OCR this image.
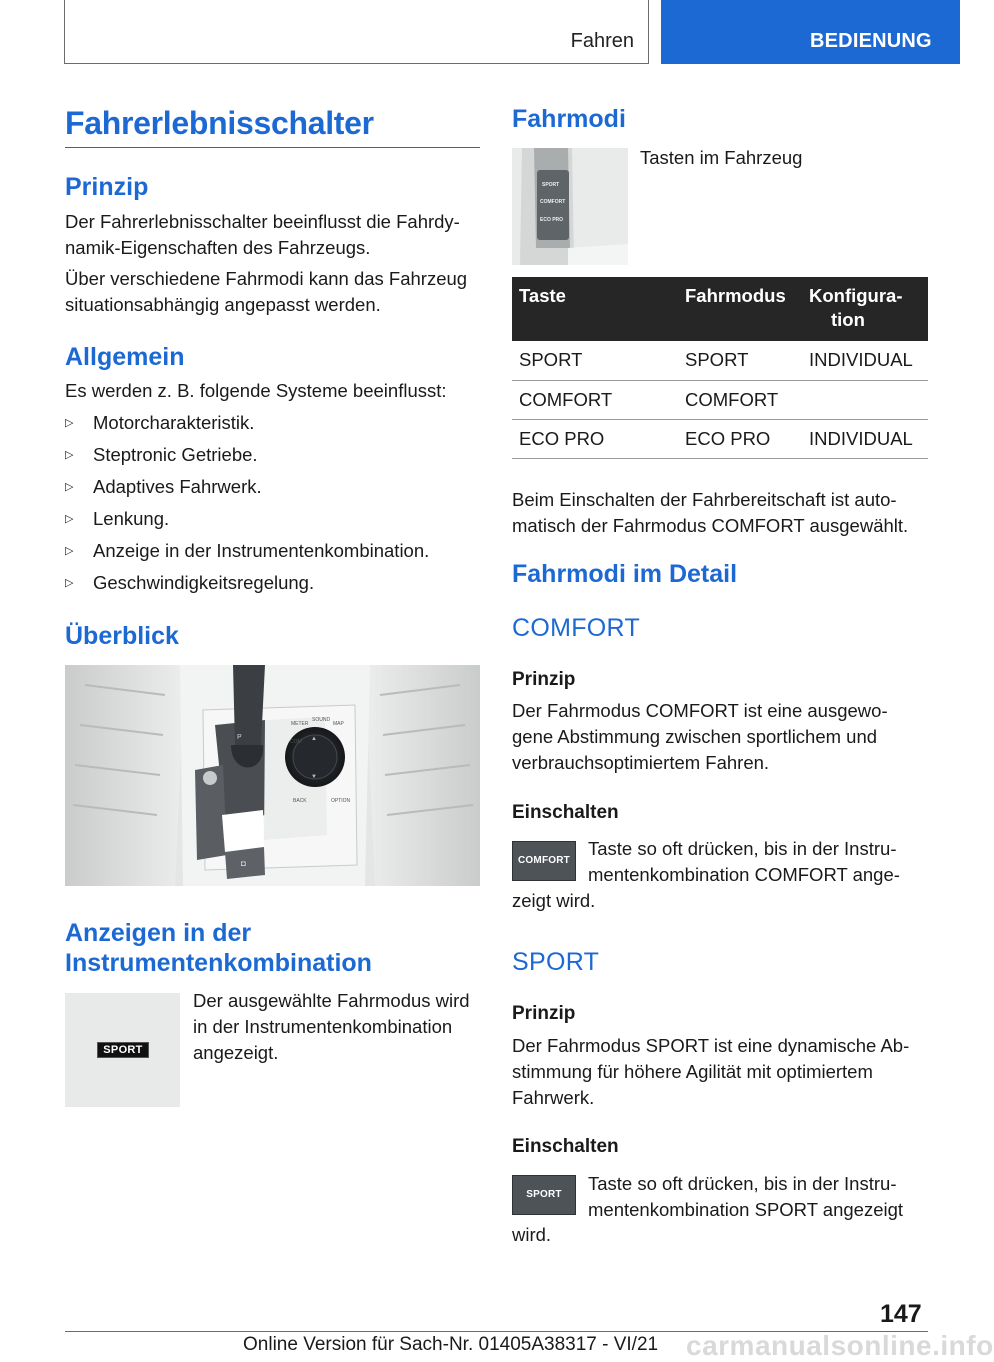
Fahren	BEDIENUNG
Fahrerlebnisschalter
Prinzip

Der Fahrerlebnisschalter beeinflusst die Fahrdy-

namik-Eigenschaften des Fahrzeugs.

Über verschiedene Fahrmodi kann das Fahrzeug

situationsabhängig angepasst werden.

Allgemein

Es werden z. B. folgende Systeme beeinflusst:

▷	Motorcharakteristik.
▷	Steptronic Getriebe.
▷	Adaptives Fahrwerk.
▷	Lenkung.
▷	Anzeige in der Instrumentenkombination.
▷	Geschwindigkeitsregelung.
Überblick
P
◘
▲
▼
METER
SOUND
MAP
COM
BACK	OPTION
Anzeigen in der
Instrumentenkombination
SPORT

Der ausgewählte Fahrmodus wird

in der Instrumentenkombination

angezeigt.

Fahrmodi
SPORT
COMFORT
ECO PRO

Tasten im Fahrzeug

Taste	Fahrmodus	Konfigura-
tion
SPORT	SPORT	INDIVIDUAL
COMFORT	COMFORT	
ECO PRO	ECO PRO	INDIVIDUAL

Beim Einschalten der Fahrbereitschaft ist auto-

matisch der Fahrmodus COMFORT ausgewählt.

Fahrmodi im Detail
COMFORT
Prinzip

Der Fahrmodus COMFORT ist eine ausgewo-

gene Abstimmung zwischen sportlichem und

verbrauchsoptimiertem Fahren.

Einschalten
COMFORT

Taste so oft drücken, bis in der Instru-

mentenkombination COMFORT ange-

zeigt wird.

SPORT
Prinzip

Der Fahrmodus SPORT ist eine dynamische Ab-

stimmung für höhere Agilität mit optimiertem

Fahrwerk.

Einschalten
SPORT

Taste so oft drücken, bis in der Instru-

mentenkombination SPORT angezeigt

wird.

147
carmanualsonline.info
Online Version für Sach-Nr. 01405A38317 - VI/21
